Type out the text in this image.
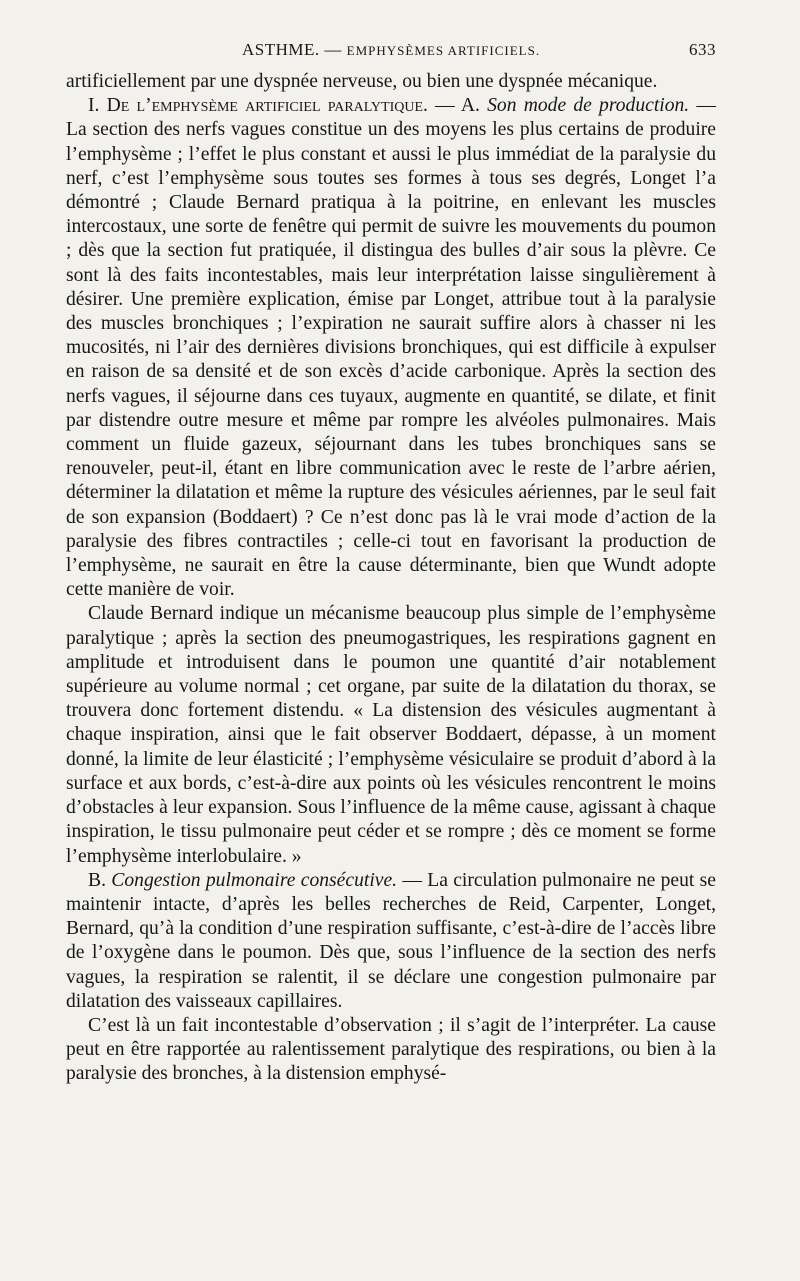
ASTHME. — EMPHYSÈMES ARTIFICIELS.	633

artificiellement par une dyspnée nerveuse, ou bien une dyspnée mécanique.

I. De l’emphysème artificiel paralytique. — A. Son mode de production. — La section des nerfs vagues constitue un des moyens les plus certains de produire l’emphysème ; l’effet le plus constant et aussi le plus immédiat de la paralysie du nerf, c’est l’emphysème sous toutes ses formes à tous ses degrés, Longet l’a démontré ; Claude Bernard pratiqua à la poitrine, en enlevant les muscles intercostaux, une sorte de fenêtre qui permit de suivre les mouvements du poumon ; dès que la section fut pratiquée, il distingua des bulles d’air sous la plèvre. Ce sont là des faits incontestables, mais leur interprétation laisse singulièrement à désirer. Une première explication, émise par Longet, attribue tout à la paralysie des muscles bronchiques ; l’expiration ne saurait suffire alors à chasser ni les mucosités, ni l’air des dernières divisions bronchiques, qui est difficile à expulser en raison de sa densité et de son excès d’acide carbonique. Après la section des nerfs vagues, il séjourne dans ces tuyaux, augmente en quantité, se dilate, et finit par distendre outre mesure et même par rompre les alvéoles pulmonaires. Mais comment un fluide gazeux, séjournant dans les tubes bronchiques sans se renouveler, peut-il, étant en libre communication avec le reste de l’arbre aérien, déterminer la dilatation et même la rupture des vésicules aériennes, par le seul fait de son expansion (Boddaert) ? Ce n’est donc pas là le vrai mode d’action de la paralysie des fibres contractiles ; celle-ci tout en favorisant la production de l’emphysème, ne saurait en être la cause déterminante, bien que Wundt adopte cette manière de voir.

Claude Bernard indique un mécanisme beaucoup plus simple de l’emphysème paralytique ; après la section des pneumogastriques, les respirations gagnent en amplitude et introduisent dans le poumon une quantité d’air notablement supérieure au volume normal ; cet organe, par suite de la dilatation du thorax, se trouvera donc fortement distendu. « La distension des vésicules augmentant à chaque inspiration, ainsi que le fait observer Boddaert, dépasse, à un moment donné, la limite de leur élasticité ; l’emphysème vésiculaire se produit d’abord à la surface et aux bords, c’est-à-dire aux points où les vésicules rencontrent le moins d’obstacles à leur expansion. Sous l’influence de la même cause, agissant à chaque inspiration, le tissu pulmonaire peut céder et se rompre ; dès ce moment se forme l’emphysème interlobulaire. »

B. Congestion pulmonaire consécutive. — La circulation pulmonaire ne peut se maintenir intacte, d’après les belles recherches de Reid, Carpenter, Longet, Bernard, qu’à la condition d’une respiration suffisante, c’est-à-dire de l’accès libre de l’oxygène dans le poumon. Dès que, sous l’influence de la section des nerfs vagues, la respiration se ralentit, il se déclare une congestion pulmonaire par dilatation des vaisseaux capillaires.

C’est là un fait incontestable d’observation ; il s’agit de l’interpréter. La cause peut en être rapportée au ralentissement paralytique des respirations, ou bien à la paralysie des bronches, à la distension emphysé-
